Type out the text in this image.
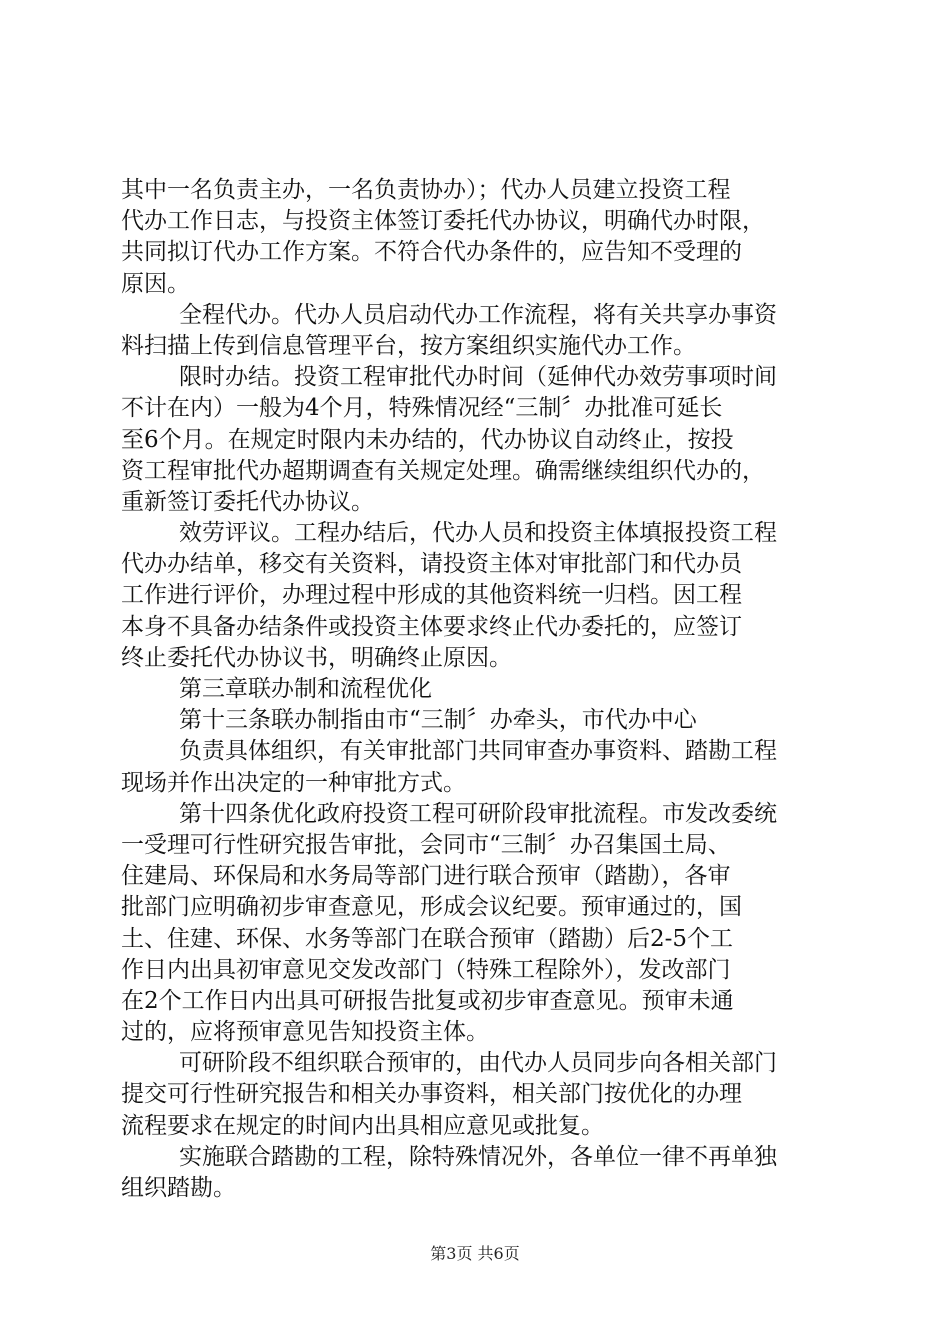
其中一名负责主办，一名负责协办）；代办人员建立投资工程
代办工作日志，与投资主体签订委托代办协议，明确代办时限，
共同拟订代办工作方案。不符合代办条件的，应告知不受理的
原因。
全程代办。代办人员启动代办工作流程，将有关共享办事资
料扫描上传到信息管理平台，按方案组织实施代办工作。
限时办结。投资工程审批代办时间（延伸代办效劳事项时间
不计在内）一般为4个月，特殊情况经“三制〞办批准可延长
至6个月。在规定时限内未办结的，代办协议自动终止，按投
资工程审批代办超期调查有关规定处理。确需继续组织代办的，
重新签订委托代办协议。
效劳评议。工程办结后，代办人员和投资主体填报投资工程
代办办结单，移交有关资料，请投资主体对审批部门和代办员
工作进行评价，办理过程中形成的其他资料统一归档。因工程
本身不具备办结条件或投资主体要求终止代办委托的，应签订
终止委托代办协议书，明确终止原因。
第三章联办制和流程优化
第十三条联办制指由市“三制〞办牵头，市代办中心
负责具体组织，有关审批部门共同审查办事资料、踏勘工程
现场并作出决定的一种审批方式。
第十四条优化政府投资工程可研阶段审批流程。市发改委统
一受理可行性研究报告审批，会同市“三制〞办召集国土局、
住建局、环保局和水务局等部门进行联合预审（踏勘），各审
批部门应明确初步审查意见，形成会议纪要。预审通过的，国
土、住建、环保、水务等部门在联合预审（踏勘）后2-5个工
作日内出具初审意见交发改部门（特殊工程除外），发改部门
在2个工作日内出具可研报告批复或初步审查意见。预审未通
过的，应将预审意见告知投资主体。
可研阶段不组织联合预审的，由代办人员同步向各相关部门
提交可行性研究报告和相关办事资料，相关部门按优化的办理
流程要求在规定的时间内出具相应意见或批复。
实施联合踏勘的工程，除特殊情况外，各单位一律不再单独
组织踏勘。
第3页 共6页
